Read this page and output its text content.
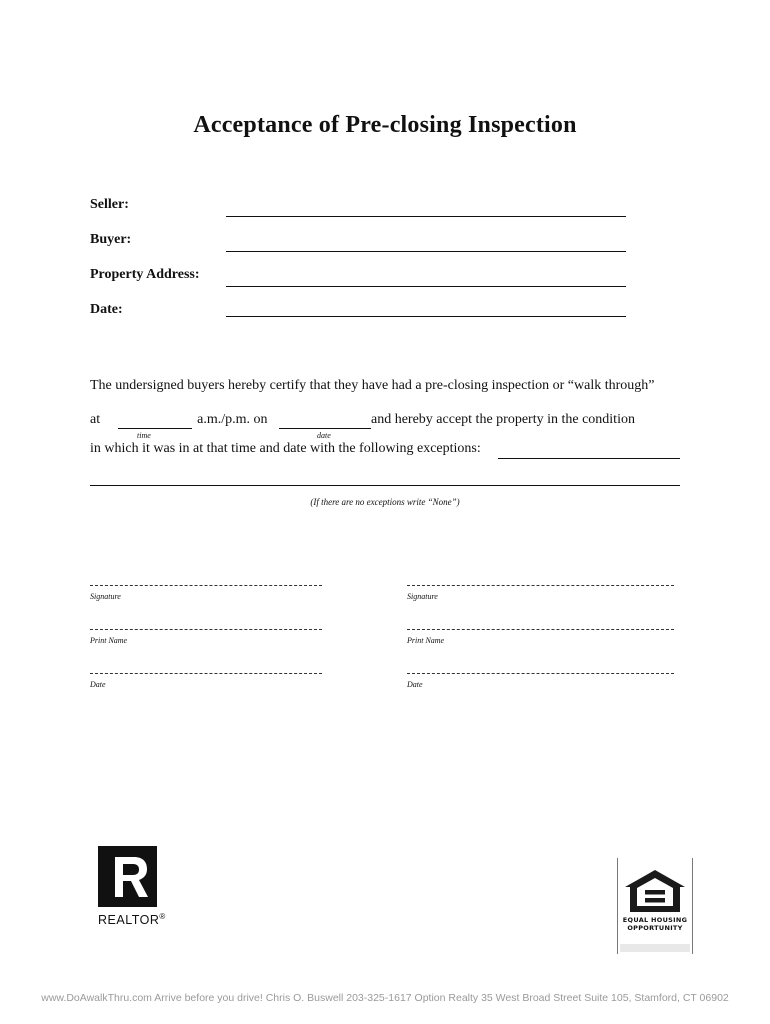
Acceptance of Pre-closing Inspection
Seller:
Buyer:
Property Address:
Date:
The undersigned buyers hereby certify that they have had a pre-closing inspection or “walk through”
at	a.m./p.m. on	and hereby accept the property in the condition
time	date
in which it was in at that time and date with the following exceptions:
(If there are no exceptions write “None”)
Signature
Print Name
Date
Signature
Print Name
Date
REALTOR®	EQUAL HOUSING
OPPORTUNITY
www.DoAwalkThru.com Arrive before you drive! Chris O. Buswell 203-325-1617 Option Realty 35 West Broad Street Suite 105, Stamford, CT 06902
